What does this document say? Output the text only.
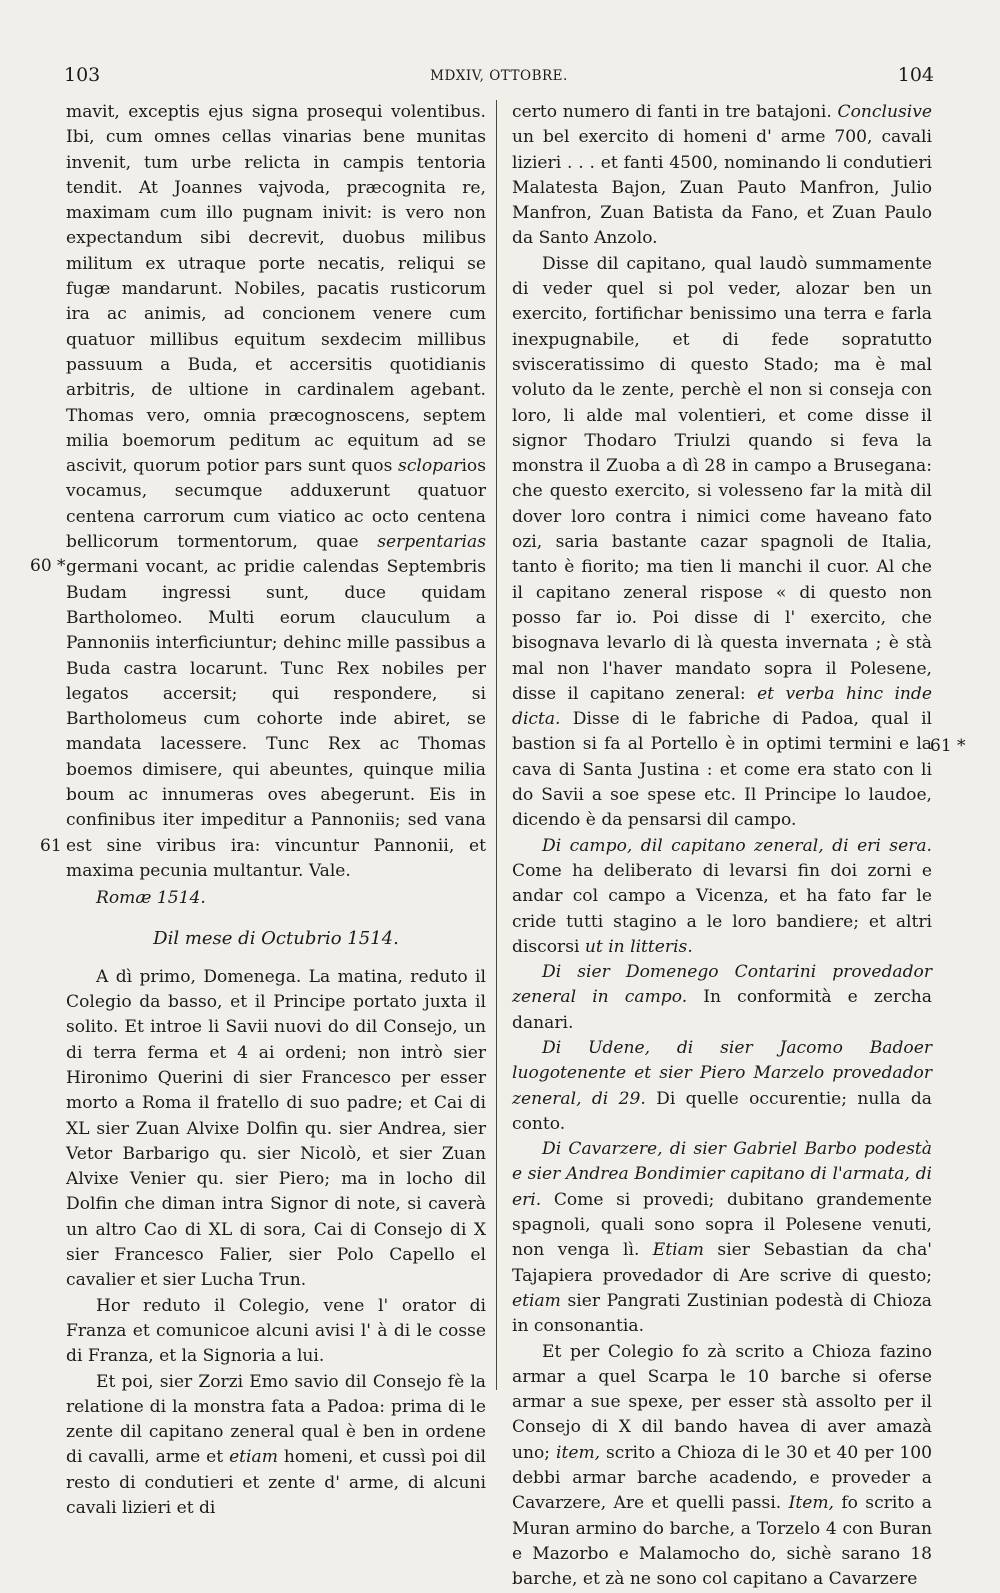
103	MDXIV, OTTOBRE.	104
60 *
61
61 *

mavit, exceptis ejus signa prosequi volentibus. Ibi, cum omnes cellas vinarias bene munitas invenit, tum urbe relicta in campis tentoria tendit. At Joannes vajvoda, præcognita re, maximam cum illo pugnam inivit: is vero non expectandum sibi decrevit, duobus milibus militum ex utraque porte necatis, reliqui se fugæ mandarunt. Nobiles, pacatis rusticorum ira ac animis, ad concionem venere cum quatuor millibus equitum sexdecim millibus passuum a Buda, et accersitis quotidianis arbitris, de ultione in cardinalem agebant. Thomas vero, omnia præcognoscens, septem milia boemorum peditum ac equitum ad se ascivit, quorum potior pars sunt quos scloparios vocamus, secumque adduxerunt quatuor centena carrorum cum viatico ac octo centena bellicorum tormentorum, quae serpentarias germani vocant, ac pridie calendas Septembris Budam ingressi sunt, duce quidam Bartholomeo. Multi eorum clauculum a Pannoniis interficiuntur; dehinc mille passibus a Buda castra locarunt. Tunc Rex nobiles per legatos accersit; qui respondere, si Bartholomeus cum cohorte inde abiret, se mandata lacessere. Tunc Rex ac Thomas boemos dimisere, qui abeuntes, quinque milia boum ac innumeras oves abegerunt. Eis in confinibus iter impeditur a Pannoniis; sed vana est sine viribus ira: vincuntur Pannonii, et maxima pecunia multantur. Vale.

Romæ 1514.

Dil mese di Octubrio 1514.

A dì primo, Domenega. La matina, reduto il Colegio da basso, et il Principe portato juxta il solito. Et introe li Savii nuovi do dil Consejo, un di terra ferma et 4 ai ordeni; non intrò sier Hironimo Querini di sier Francesco per esser morto a Roma il fratello di suo padre; et Cai di XL sier Zuan Alvixe Dolfin qu. sier Andrea, sier Vetor Barbarigo qu. sier Nicolò, et sier Zuan Alvixe Venier qu. sier Piero; ma in locho dil Dolfin che diman intra Signor di note, si caverà un altro Cao di XL di sora, Cai di Consejo di X sier Francesco Falier, sier Polo Capello el cavalier et sier Lucha Trun.

Hor reduto il Colegio, vene l' orator di Franza et comunicoe alcuni avisi l' à di le cosse di Franza, et la Signoria a lui.

Et poi, sier Zorzi Emo savio dil Consejo fè la relatione di la monstra fata a Padoa: prima di le zente dil capitano zeneral qual è ben in ordene di cavalli, arme et etiam homeni, et cussì poi dil resto di condutieri et zente d' arme, di alcuni cavali lizieri et di

certo numero di fanti in tre batajoni. Conclusive un bel exercito di homeni d' arme 700, cavali lizieri . . . et fanti 4500, nominando li condutieri Malatesta Bajon, Zuan Pauto Manfron, Julio Manfron, Zuan Batista da Fano, et Zuan Paulo da Santo Anzolo.

Disse dil capitano, qual laudò summamente di veder quel si pol veder, alozar ben un exercito, fortifichar benissimo una terra e farla inexpugnabile, et di fede sopratutto svisceratissimo di questo Stado; ma è mal voluto da le zente, perchè el non si conseja con loro, li alde mal volentieri, et come disse il signor Thodaro Triulzi quando si feva la monstra il Zuoba a dì 28 in campo a Brusegana: che questo exercito, si volesseno far la mità dil dover loro contra i nimici come haveano fato ozi, saria bastante cazar spagnoli de Italia, tanto è fiorito; ma tien li manchi il cuor. Al che il capitano zeneral rispose « di questo non posso far io. Poi disse di l' exercito, che bisognava levarlo di là questa invernata ; è stà mal non l'haver mandato sopra il Polesene, disse il capitano zeneral: et verba hinc inde dicta. Disse di le fabriche di Padoa, qual il bastion si fa al Portello è in optimi termini e la cava di Santa Justina : et come era stato con li do Savii a soe spese etc. Il Principe lo laudoe, dicendo è da pensarsi dil campo.

Di campo, dil capitano zeneral, di eri sera. Come ha deliberato di levarsi fin doi zorni e andar col campo a Vicenza, et ha fato far le cride tutti stagino a le loro bandiere; et altri discorsi ut in litteris.

Di sier Domenego Contarini provedador zeneral in campo. In conformità e zercha danari.

Di Udene, di sier Jacomo Badoer luogotenente et sier Piero Marzelo provedador zeneral, di 29. Di quelle occurentie; nulla da conto.

Di Cavarzere, di sier Gabriel Barbo podestà e sier Andrea Bondimier capitano di l'armata, di eri. Come si provedi; dubitano grandemente spagnoli, quali sono sopra il Polesene venuti, non venga lì. Etiam sier Sebastian da cha' Tajapiera provedador di Are scrive di questo; etiam sier Pangrati Zustinian podestà di Chioza in consonantia.

Et per Colegio fo zà scrito a Chioza fazino armar a quel Scarpa le 10 barche si oferse armar a sue spexe, per esser stà assolto per il Consejo di X dil bando havea di aver amazà uno; item, scrito a Chioza di le 30 et 40 per 100 debbi armar barche acadendo, e proveder a Cavarzere, Are et quelli passi. Item, fo scrito a Muran armino do barche, a Torzelo 4 con Buran e Mazorbo e Malamocho do, sichè sarano 18 barche, et zà ne sono col capitano a Cavarzere
